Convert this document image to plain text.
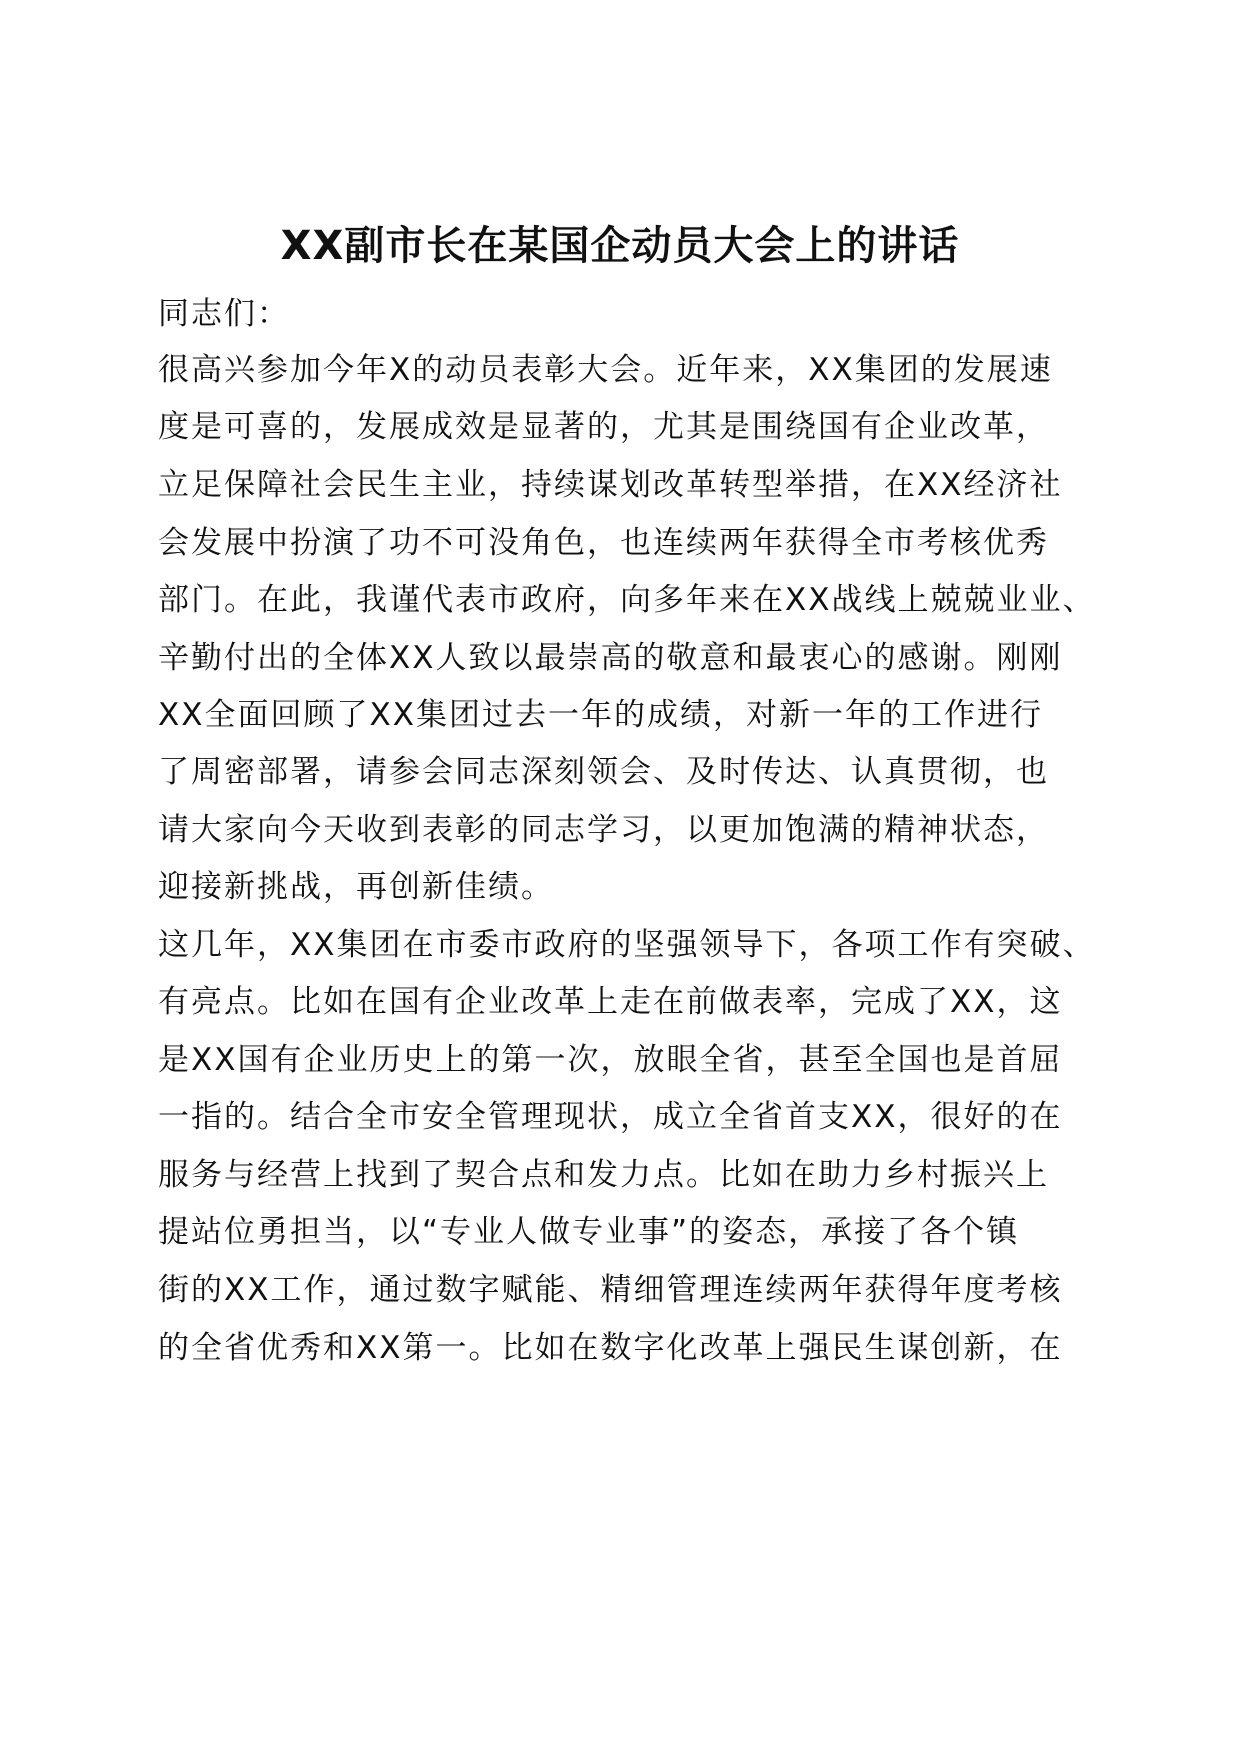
XX副市长在某国企动员大会上的讲话
同志们：
很高兴参加今年X的动员表彰大会。近年来，XX集团的发展速
度是可喜的，发展成效是显著的，尤其是围绕国有企业改革，
立足保障社会民生主业，持续谋划改革转型举措，在XX经济社
会发展中扮演了功不可没角色，也连续两年获得全市考核优秀
部门。在此，我谨代表市政府，向多年来在XX战线上兢兢业业、
辛勤付出的全体XX人致以最崇高的敬意和最衷心的感谢。刚刚
XX全面回顾了XX集团过去一年的成绩，对新一年的工作进行
了周密部署，请参会同志深刻领会、及时传达、认真贯彻，也
请大家向今天收到表彰的同志学习，以更加饱满的精神状态，
迎接新挑战，再创新佳绩。
这几年，XX集团在市委市政府的坚强领导下，各项工作有突破、
有亮点。比如在国有企业改革上走在前做表率，完成了XX，这
是XX国有企业历史上的第一次，放眼全省，甚至全国也是首屈
一指的。结合全市安全管理现状，成立全省首支XX，很好的在
服务与经营上找到了契合点和发力点。比如在助力乡村振兴上
提站位勇担当，以“专业人做专业事”的姿态，承接了各个镇
街的XX工作，通过数字赋能、精细管理连续两年获得年度考核
的全省优秀和XX第一。比如在数字化改革上强民生谋创新，在
